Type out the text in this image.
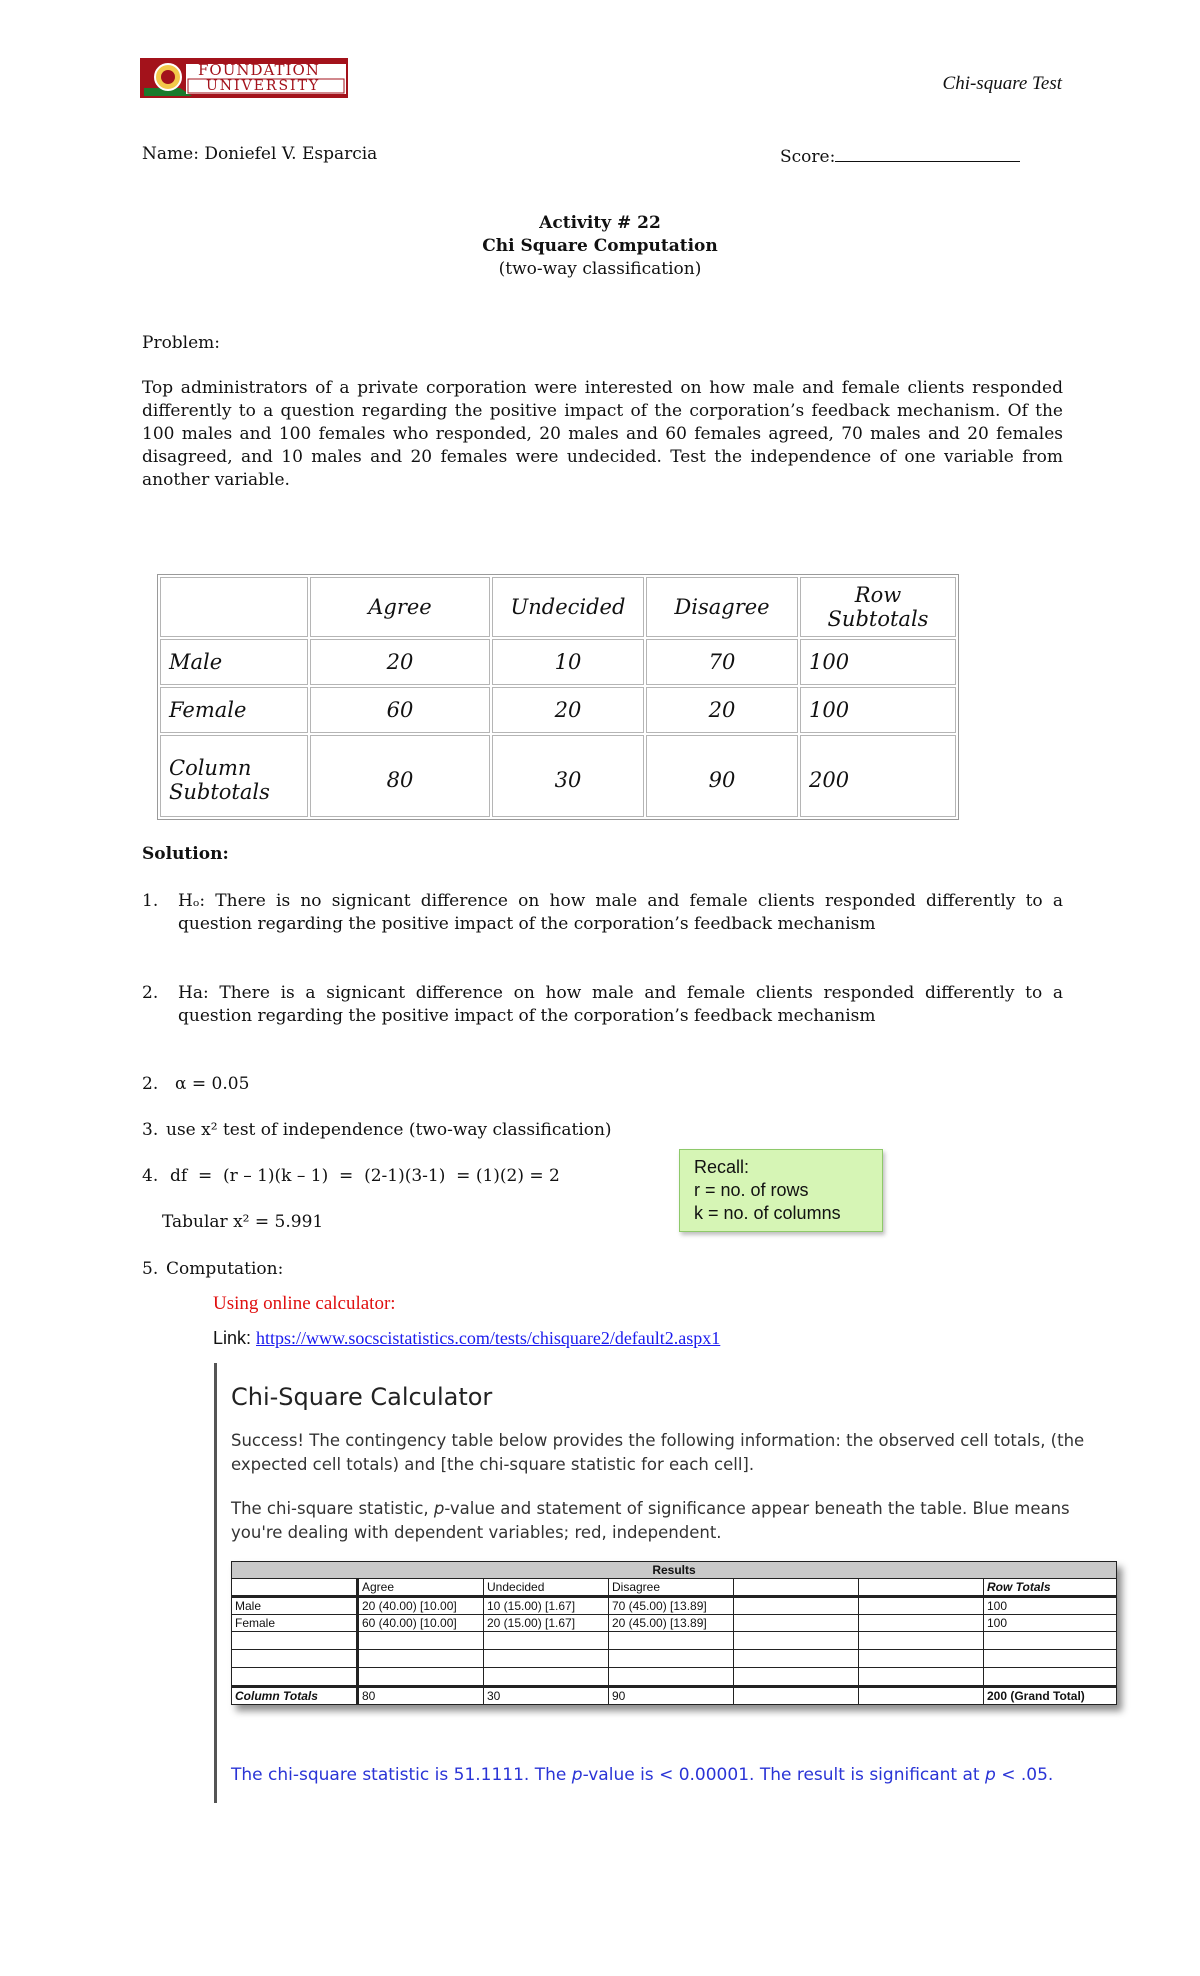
FOUNDATION
UNIVERSITY	Chi-square Test
Name: Doniefel V. Esparcia	Score:
Activity # 22
Chi Square Computation
(two-way classification)
Problem:
Top administrators of a private corporation were interested on how male and female clients responded differently to a question regarding the positive impact of the corporation’s feedback mechanism. Of the 100 males and 100 females who responded, 20 males and 60 females agreed, 70 males and 20 females disagreed, and 10 males and 20 females were undecided. Test the independence of one variable from another variable.
	Agree	Undecided	Disagree	Row Subtotals
Male	20	10	70	100
Female	60	20	20	100
Column Subtotals	80	30	90	200
Solution:
1. Hₒ: There is no signicant difference on how male and female clients responded differently to a question regarding the positive impact of the corporation’s feedback mechanism
2. Ha: There is a signicant difference on how male and female clients responded differently to a question regarding the positive impact of the corporation’s feedback mechanism
2. α = 0.05
3. use x² test of independence (two-way classification)
4. df  =  (r – 1)(k – 1)  =  (2-1)(3-1)  = (1)(2) = 2
Tabular x² = 5.991
5. Computation:
Recall:
r = no. of rows
k = no. of columns
Using online calculator:
Link: https://www.socscistatistics.com/tests/chisquare2/default2.aspx1
Chi-Square Calculator
Success! The contingency table below provides the following information: the observed cell totals, (the expected cell totals) and [the chi-square statistic for each cell].
The chi-square statistic, p-value and statement of significance appear beneath the table. Blue means you're dealing with dependent variables; red, independent.
Results						
	Agree	Undecided	Disagree			Row Totals
Male	20 (40.00) [10.00]	10 (15.00) [1.67]	70 (45.00) [13.89]			100
Female	60 (40.00) [10.00]	20 (15.00) [1.67]	20 (45.00) [13.89]			100

Column Totals	80	30	90			200 (Grand Total)
The chi-square statistic is 51.1111. The p-value is < 0.00001. The result is significant at p < .05.
